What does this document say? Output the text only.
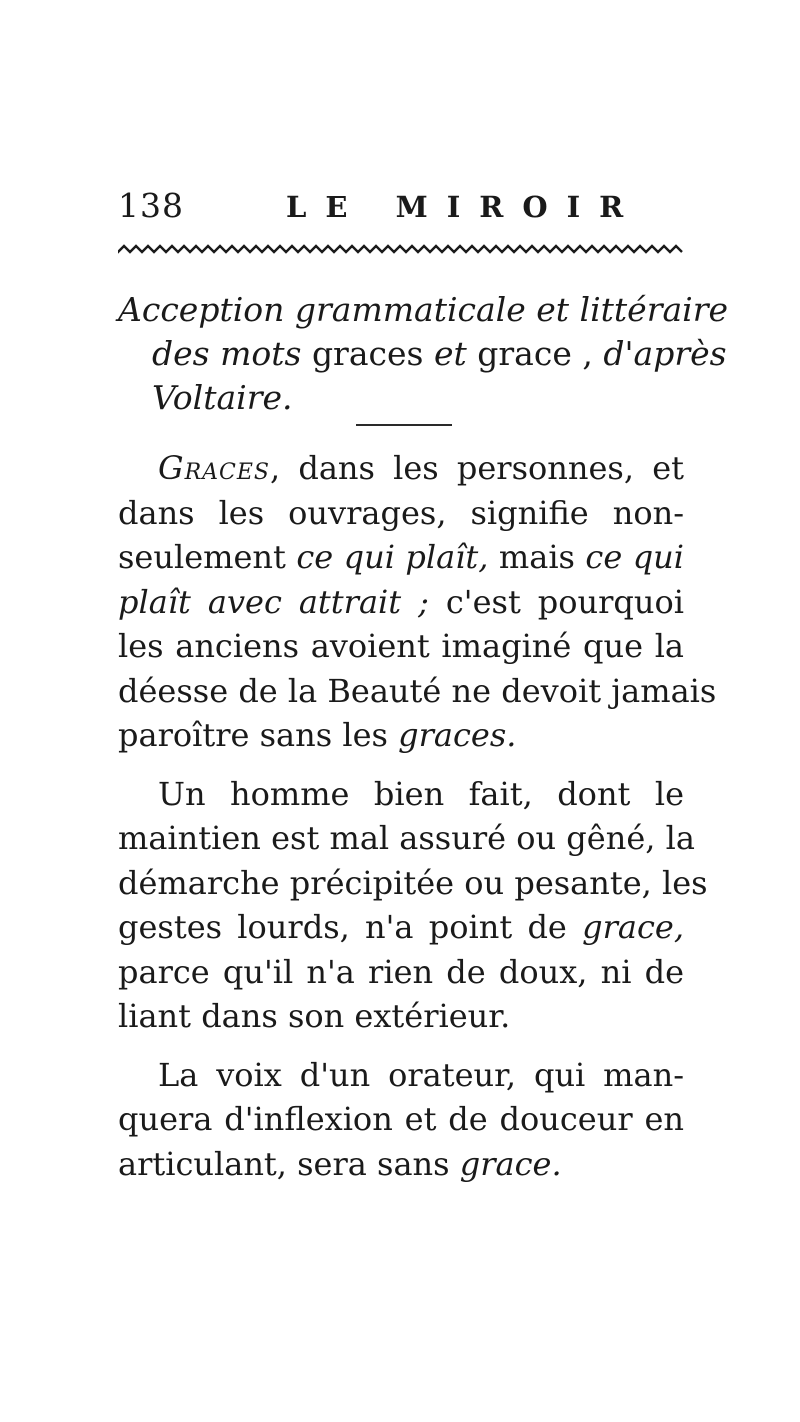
138	LE MIROIR
Acception grammaticale et littéraire
des mots graces et grace , d'après
Voltaire.

Graces, dans les personnes, et
dans les ouvrages, signifie non-
seulement ce qui plaît, mais ce qui
plaît avec attrait ; c'est pourquoi
les anciens avoient imaginé que la
déesse de la Beauté ne devoit jamais
paroître sans les graces.

Un homme bien fait, dont le
maintien est mal assuré ou gêné, la
démarche précipitée ou pesante, les
gestes lourds, n'a point de grace,
parce qu'il n'a rien de doux, ni de
liant dans son extérieur.

La voix d'un orateur, qui man-
quera d'inflexion et de douceur en
articulant, sera sans grace.
